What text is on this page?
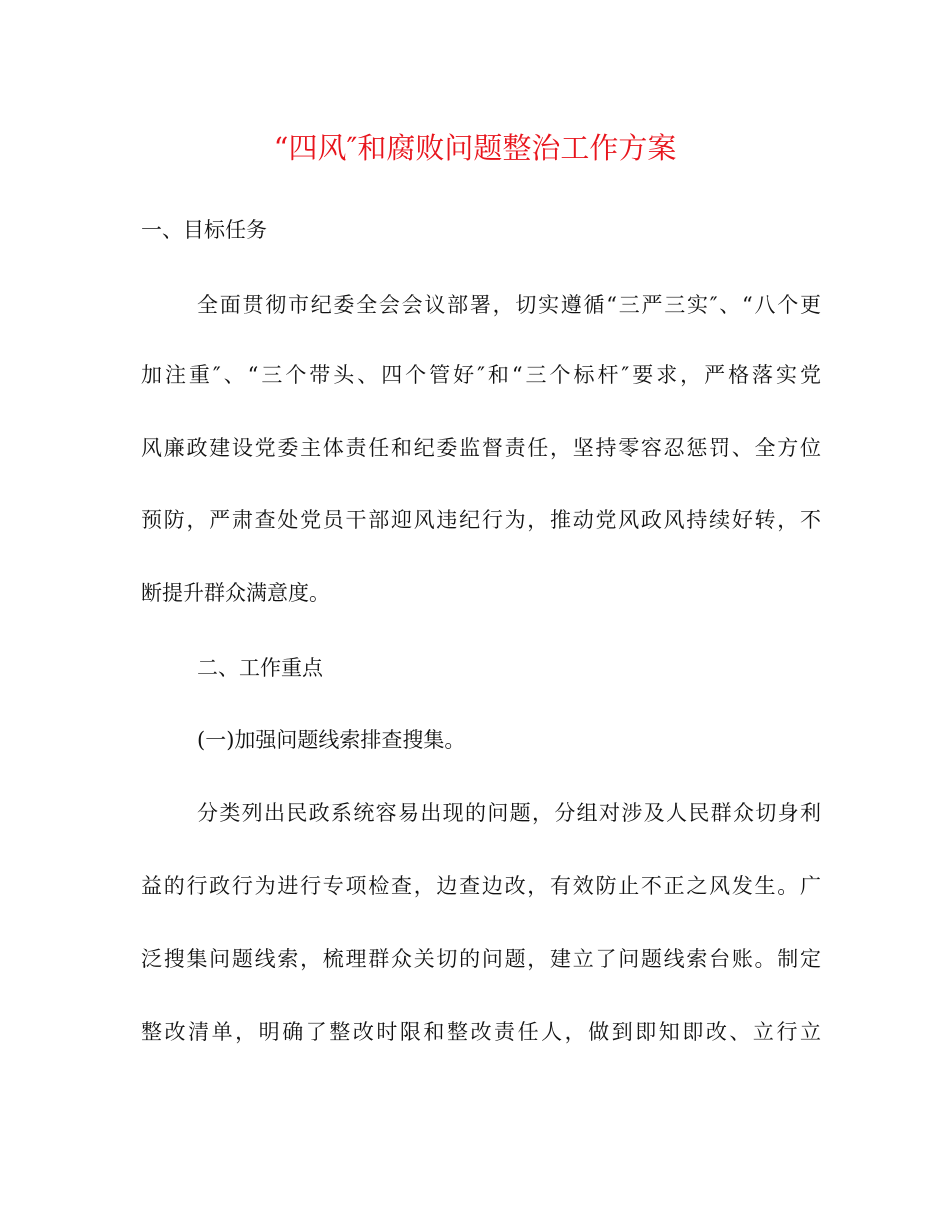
“四风″和腐败问题整治工作方案
一、目标任务
全面贯彻市纪委全会会议部署，切实遵循“三严三实″、“八个更
加注重″、“三个带头、四个管好″和“三个标杆″要求，严格落实党
风廉政建设党委主体责任和纪委监督责任，坚持零容忍惩罚、全方位
预防，严肃查处党员干部迎风违纪行为，推动党风政风持续好转，不
断提升群众满意度。
二、工作重点
(一)加强问题线索排查搜集。
分类列出民政系统容易出现的问题，分组对涉及人民群众切身利
益的行政行为进行专项检查，边查边改，有效防止不正之风发生。广
泛搜集问题线索，梳理群众关切的问题，建立了问题线索台账。制定
整改清单，明确了整改时限和整改责任人，做到即知即改、立行立
